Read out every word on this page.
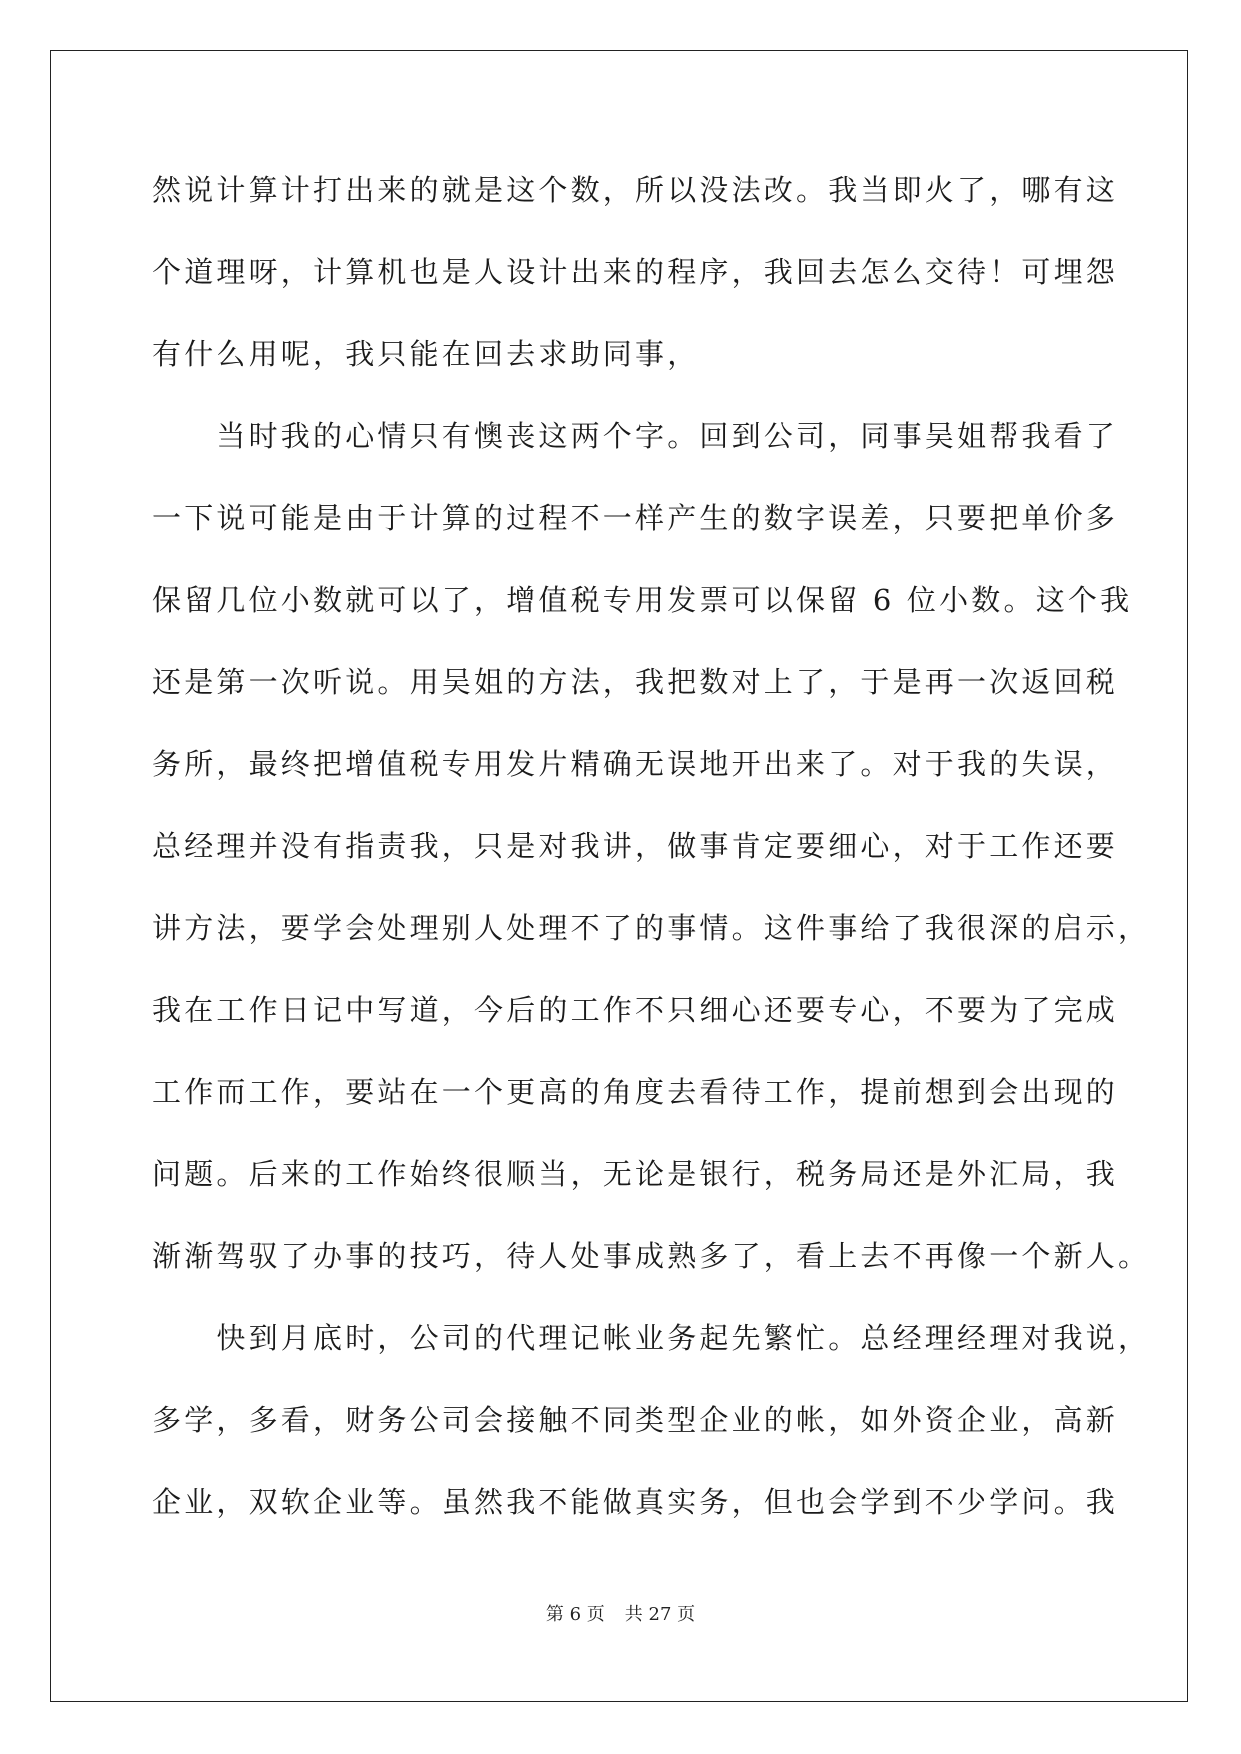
然说计算计打出来的就是这个数，所以没法改。我当即火了，哪有这
个道理呀，计算机也是人设计出来的程序，我回去怎么交待！可埋怨
有什么用呢，我只能在回去求助同事，
　　当时我的心情只有懊丧这两个字。回到公司，同事吴姐帮我看了
一下说可能是由于计算的过程不一样产生的数字误差，只要把单价多
保留几位小数就可以了，增值税专用发票可以保留 6 位小数。这个我
还是第一次听说。用吴姐的方法，我把数对上了，于是再一次返回税
务所，最终把增值税专用发片精确无误地开出来了。对于我的失误，
总经理并没有指责我，只是对我讲，做事肯定要细心，对于工作还要
讲方法，要学会处理别人处理不了的事情。这件事给了我很深的启示，
我在工作日记中写道，今后的工作不只细心还要专心，不要为了完成
工作而工作，要站在一个更高的角度去看待工作，提前想到会出现的
问题。后来的工作始终很顺当，无论是银行，税务局还是外汇局，我
渐渐驾驭了办事的技巧，待人处事成熟多了，看上去不再像一个新人。
　　快到月底时，公司的代理记帐业务起先繁忙。总经理经理对我说，
多学，多看，财务公司会接触不同类型企业的帐，如外资企业，高新
企业，双软企业等。虽然我不能做真实务，但也会学到不少学问。我
第 6 页 共 27 页
